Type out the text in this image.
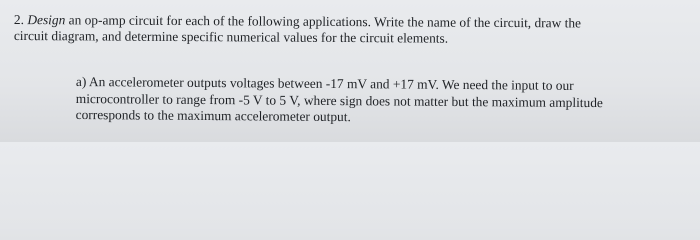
2. Design an op-amp circuit for each of the following applications. Write the name of the circuit, draw the
circuit diagram, and determine specific numerical values for the circuit elements.
a) An accelerometer outputs voltages between -17 mV and +17 mV. We need the input to our
microcontroller to range from -5 V to 5 V, where sign does not matter but the maximum amplitude
corresponds to the maximum accelerometer output.
